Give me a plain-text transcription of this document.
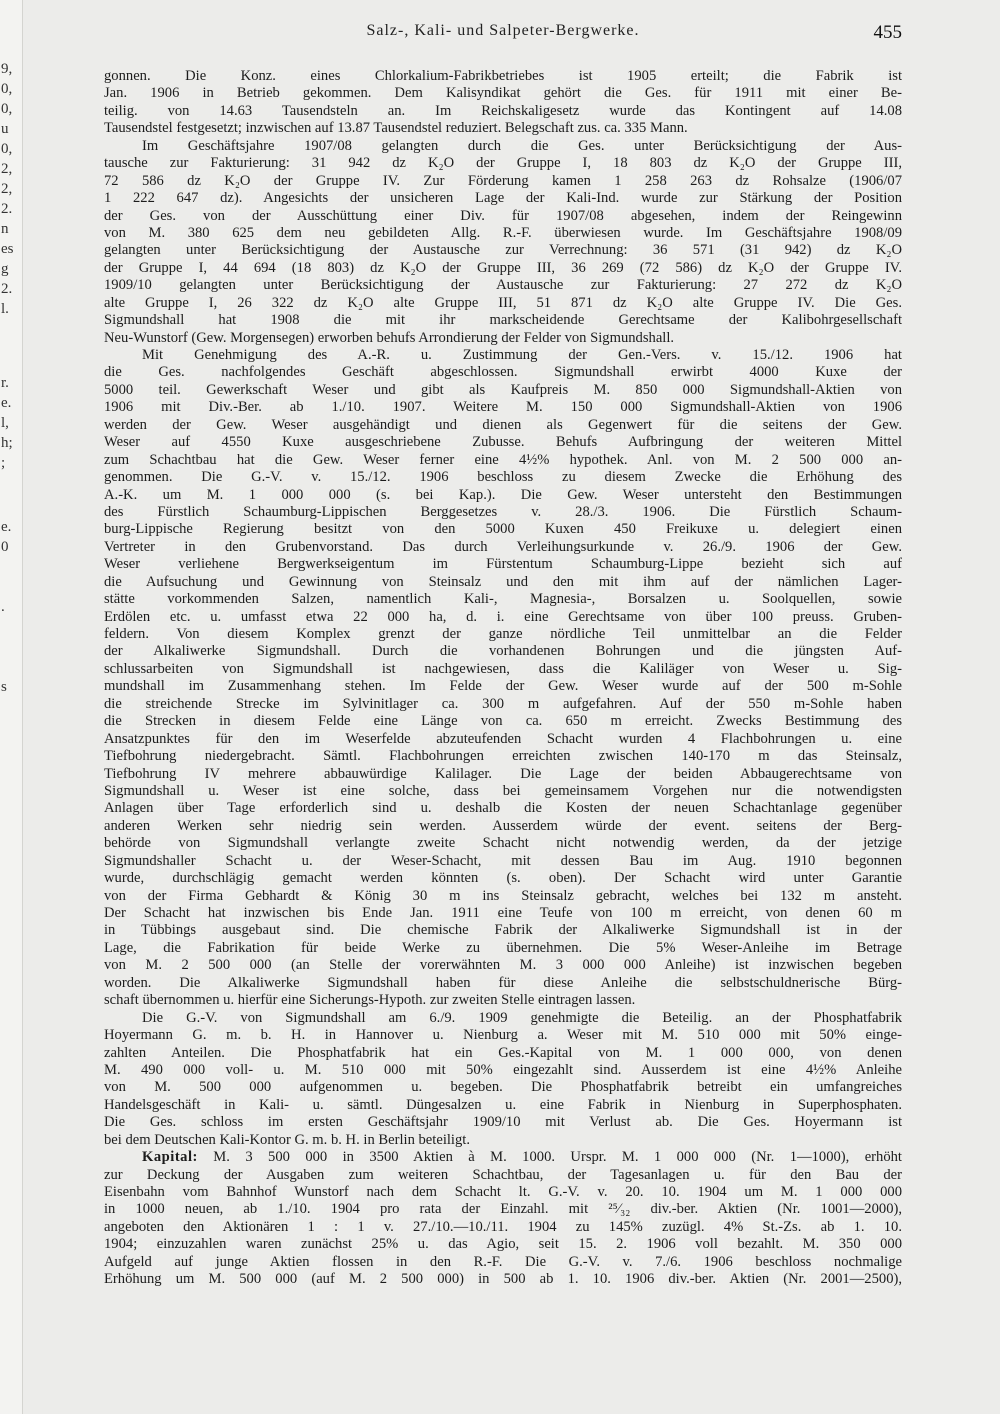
9,
0,
0,
u
0,
2,
2,
2.
n
es
g
2.
l.
r.
e.
l,
h;
;
e.
0
.
s
Salz-, Kali- und Salpeter-Bergwerke.	455
gonnen. Die Konz. eines Chlorkalium-Fabrikbetriebes ist 1905 erteilt; die Fabrik ist
Jan. 1906 in Betrieb gekommen. Dem Kalisyndikat gehört die Ges. für 1911 mit einer Be-
teilig. von 14.63 Tausendsteln an. Im Reichskaligesetz wurde das Kontingent auf 14.08
Tausendstel festgesetzt; inzwischen auf 13.87 Tausendstel reduziert. Belegschaft zus. ca. 335 Mann.
Im Geschäftsjahre 1907/08 gelangten durch die Ges. unter Berücksichtigung der Aus-
tausche zur Fakturierung: 31 942 dz K₂O der Gruppe I, 18 803 dz K₂O der Gruppe III,
72 586 dz K₂O der Gruppe IV. Zur Förderung kamen 1 258 263 dz Rohsalze (1906/07
1 222 647 dz). Angesichts der unsicheren Lage der Kali-Ind. wurde zur Stärkung der Position
der Ges. von der Ausschüttung einer Div. für 1907/08 abgesehen, indem der Reingewinn
von M. 380 625 dem neu gebildeten Allg. R.-F. überwiesen wurde. Im Geschäftsjahre 1908/09
gelangten unter Berücksichtigung der Austausche zur Verrechnung: 36 571 (31 942) dz K₂O
der Gruppe I, 44 694 (18 803) dz K₂O der Gruppe III, 36 269 (72 586) dz K₂O der Gruppe IV.
1909/10 gelangten unter Berücksichtigung der Austausche zur Fakturierung: 27 272 dz K₂O
alte Gruppe I, 26 322 dz K₂O alte Gruppe III, 51 871 dz K₂O alte Gruppe IV. Die Ges.
Sigmundshall hat 1908 die mit ihr markscheidende Gerechtsame der Kalibohrgesellschaft
Neu-Wunstorf (Gew. Morgensegen) erworben behufs Arrondierung der Felder von Sigmundshall.
Mit Genehmigung des A.-R. u. Zustimmung der Gen.-Vers. v. 15./12. 1906 hat
die Ges. nachfolgendes Geschäft abgeschlossen. Sigmundshall erwirbt 4000 Kuxe der
5000 teil. Gewerkschaft Weser und gibt als Kaufpreis M. 850 000 Sigmundshall-Aktien von
1906 mit Div.-Ber. ab 1./10. 1907. Weitere M. 150 000 Sigmundshall-Aktien von 1906
werden der Gew. Weser ausgehändigt und dienen als Gegenwert für die seitens der Gew.
Weser auf 4550 Kuxe ausgeschriebene Zubusse. Behufs Aufbringung der weiteren Mittel
zum Schachtbau hat die Gew. Weser ferner eine 4½% hypothek. Anl. von M. 2 500 000 an-
genommen. Die G.-V. v. 15./12. 1906 beschloss zu diesem Zwecke die Erhöhung des
A.-K. um M. 1 000 000 (s. bei Kap.). Die Gew. Weser untersteht den Bestimmungen
des Fürstlich Schaumburg-Lippischen Berggesetzes v. 28./3. 1906. Die Fürstlich Schaum-
burg-Lippische Regierung besitzt von den 5000 Kuxen 450 Freikuxe u. delegiert einen
Vertreter in den Grubenvorstand. Das durch Verleihungsurkunde v. 26./9. 1906 der Gew.
Weser verliehene Bergwerkseigentum im Fürstentum Schaumburg-Lippe bezieht sich auf
die Aufsuchung und Gewinnung von Steinsalz und den mit ihm auf der nämlichen Lager-
stätte vorkommenden Salzen, namentlich Kali-, Magnesia-, Borsalzen u. Soolquellen, sowie
Erdölen etc. u. umfasst etwa 22 000 ha, d. i. eine Gerechtsame von über 100 preuss. Gruben-
feldern. Von diesem Komplex grenzt der ganze nördliche Teil unmittelbar an die Felder
der Alkaliwerke Sigmundshall. Durch die vorhandenen Bohrungen und die jüngsten Auf-
schlussarbeiten von Sigmundshall ist nachgewiesen, dass die Kaliläger von Weser u. Sig-
mundshall im Zusammenhang stehen. Im Felde der Gew. Weser wurde auf der 500 m-Sohle
die streichende Strecke im Sylvinitlager ca. 300 m aufgefahren. Auf der 550 m-Sohle haben
die Strecken in diesem Felde eine Länge von ca. 650 m erreicht. Zwecks Bestimmung des
Ansatzpunktes für den im Weserfelde abzuteufenden Schacht wurden 4 Flachbohrungen u. eine
Tiefbohrung niedergebracht. Sämtl. Flachbohrungen erreichten zwischen 140-170 m das Steinsalz,
Tiefbohrung IV mehrere abbauwürdige Kalilager. Die Lage der beiden Abbaugerechtsame von
Sigmundshall u. Weser ist eine solche, dass bei gemeinsamem Vorgehen nur die notwendigsten
Anlagen über Tage erforderlich sind u. deshalb die Kosten der neuen Schachtanlage gegenüber
anderen Werken sehr niedrig sein werden. Ausserdem würde der event. seitens der Berg-
behörde von Sigmundshall verlangte zweite Schacht nicht notwendig werden, da der jetzige
Sigmundshaller Schacht u. der Weser-Schacht, mit dessen Bau im Aug. 1910 begonnen
wurde, durchschlägig gemacht werden könnten (s. oben). Der Schacht wird unter Garantie
von der Firma Gebhardt & König 30 m ins Steinsalz gebracht, welches bei 132 m ansteht.
Der Schacht hat inzwischen bis Ende Jan. 1911 eine Teufe von 100 m erreicht, von denen 60 m
in Tübbings ausgebaut sind. Die chemische Fabrik der Alkaliwerke Sigmundshall ist in der
Lage, die Fabrikation für beide Werke zu übernehmen. Die 5% Weser-Anleihe im Betrage
von M. 2 500 000 (an Stelle der vorerwähnten M. 3 000 000 Anleihe) ist inzwischen begeben
worden. Die Alkaliwerke Sigmundshall haben für diese Anleihe die selbstschuldnerische Bürg-
schaft übernommen u. hierfür eine Sicherungs-Hypoth. zur zweiten Stelle eintragen lassen.
Die G.-V. von Sigmundshall am 6./9. 1909 genehmigte die Beteilig. an der Phosphatfabrik
Hoyermann G. m. b. H. in Hannover u. Nienburg a. Weser mit M. 510 000 mit 50% einge-
zahlten Anteilen. Die Phosphatfabrik hat ein Ges.-Kapital von M. 1 000 000, von denen
M. 490 000 voll- u. M. 510 000 mit 50% eingezahlt sind. Ausserdem ist eine 4½% Anleihe
von M. 500 000 aufgenommen u. begeben. Die Phosphatfabrik betreibt ein umfangreiches
Handelsgeschäft in Kali- u. sämtl. Düngesalzen u. eine Fabrik in Nienburg in Superphosphaten.
Die Ges. schloss im ersten Geschäftsjahr 1909/10 mit Verlust ab. Die Ges. Hoyermann ist
bei dem Deutschen Kali-Kontor G. m. b. H. in Berlin beteiligt.
Kapital: M. 3 500 000 in 3500 Aktien à M. 1000. Urspr. M. 1 000 000 (Nr. 1—1000), erhöht
zur Deckung der Ausgaben zum weiteren Schachtbau, der Tagesanlagen u. für den Bau der
Eisenbahn vom Bahnhof Wunstorf nach dem Schacht lt. G.-V. v. 20. 10. 1904 um M. 1 000 000
in 1000 neuen, ab 1./10. 1904 pro rata der Einzahl. mit ²⁵⁄₃₂ div.-ber. Aktien (Nr. 1001—2000),
angeboten den Aktionären 1 : 1 v. 27./10.—10./11. 1904 zu 145% zuzügl. 4% St.-Zs. ab 1. 10.
1904; einzuzahlen waren zunächst 25% u. das Agio, seit 15. 2. 1906 voll bezahlt. M. 350 000
Aufgeld auf junge Aktien flossen in den R.-F. Die G.-V. v. 7./6. 1906 beschloss nochmalige
Erhöhung um M. 500 000 (auf M. 2 500 000) in 500 ab 1. 10. 1906 div.-ber. Aktien (Nr. 2001—2500),
